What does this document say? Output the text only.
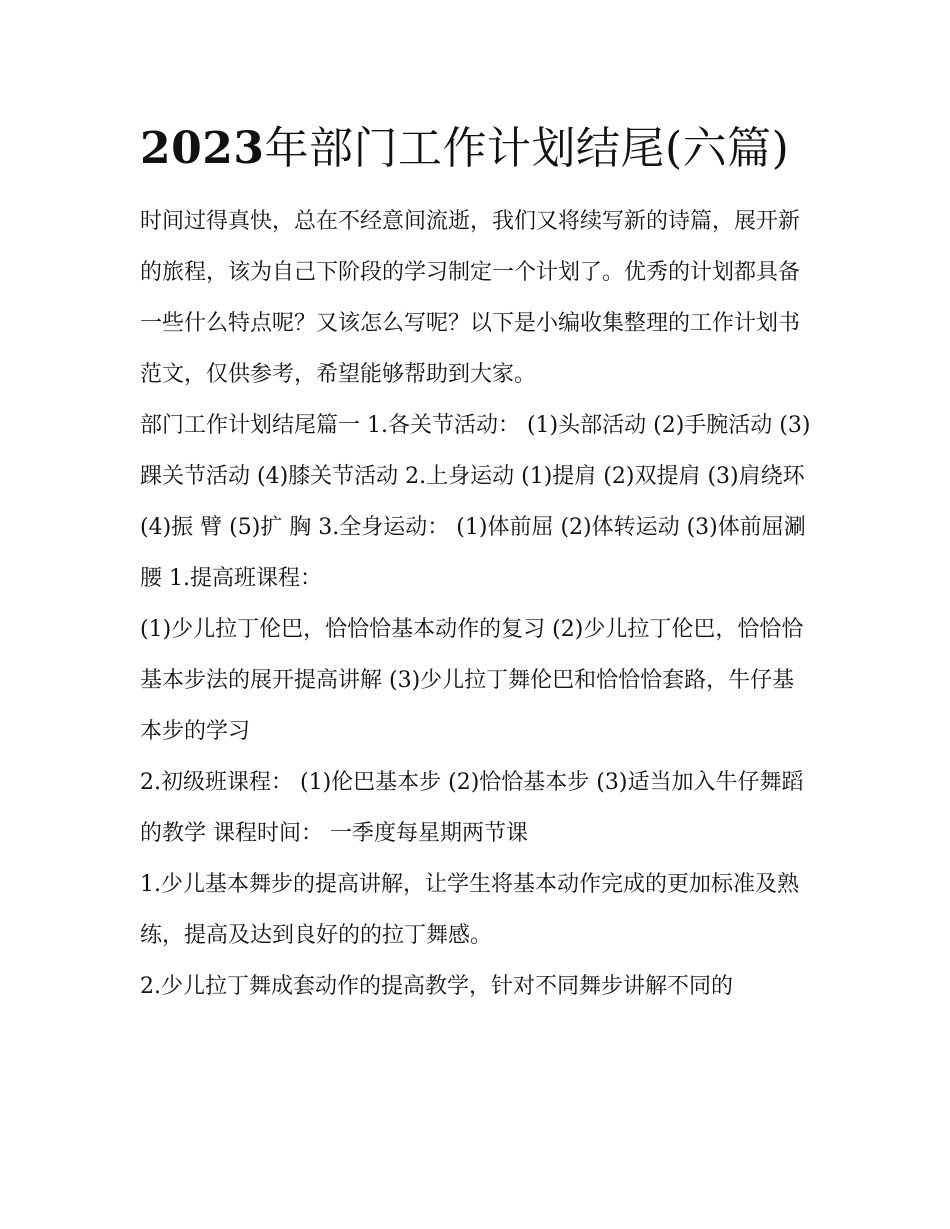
2023年部门工作计划结尾(六篇)

时间过得真快，总在不经意间流逝，我们又将续写新的诗篇，展开新的旅程，该为自己下阶段的学习制定一个计划了。优秀的计划都具备一些什么特点呢？又该怎么写呢？以下是小编收集整理的工作计划书范文，仅供参考，希望能够帮助到大家。

部门工作计划结尾篇一 1.各关节活动： (1)头部活动 (2)手腕活动 (3)踝关节活动 (4)膝关节活动 2.上身运动 (1)提肩 (2)双提肩 (3)肩绕环 (4)振 臂 (5)扩 胸 3.全身运动： (1)体前屈 (2)体转运动 (3)体前屈涮腰 1.提高班课程：

(1)少儿拉丁伦巴，恰恰恰基本动作的复习 (2)少儿拉丁伦巴，恰恰恰基本步法的展开提高讲解 (3)少儿拉丁舞伦巴和恰恰恰套路，牛仔基本步的学习

2.初级班课程： (1)伦巴基本步 (2)恰恰基本步 (3)适当加入牛仔舞蹈的教学 课程时间： 一季度每星期两节课

1.少儿基本舞步的提高讲解，让学生将基本动作完成的更加标准及熟练，提高及达到良好的的拉丁舞感。

2.少儿拉丁舞成套动作的提高教学，针对不同舞步讲解不同的
